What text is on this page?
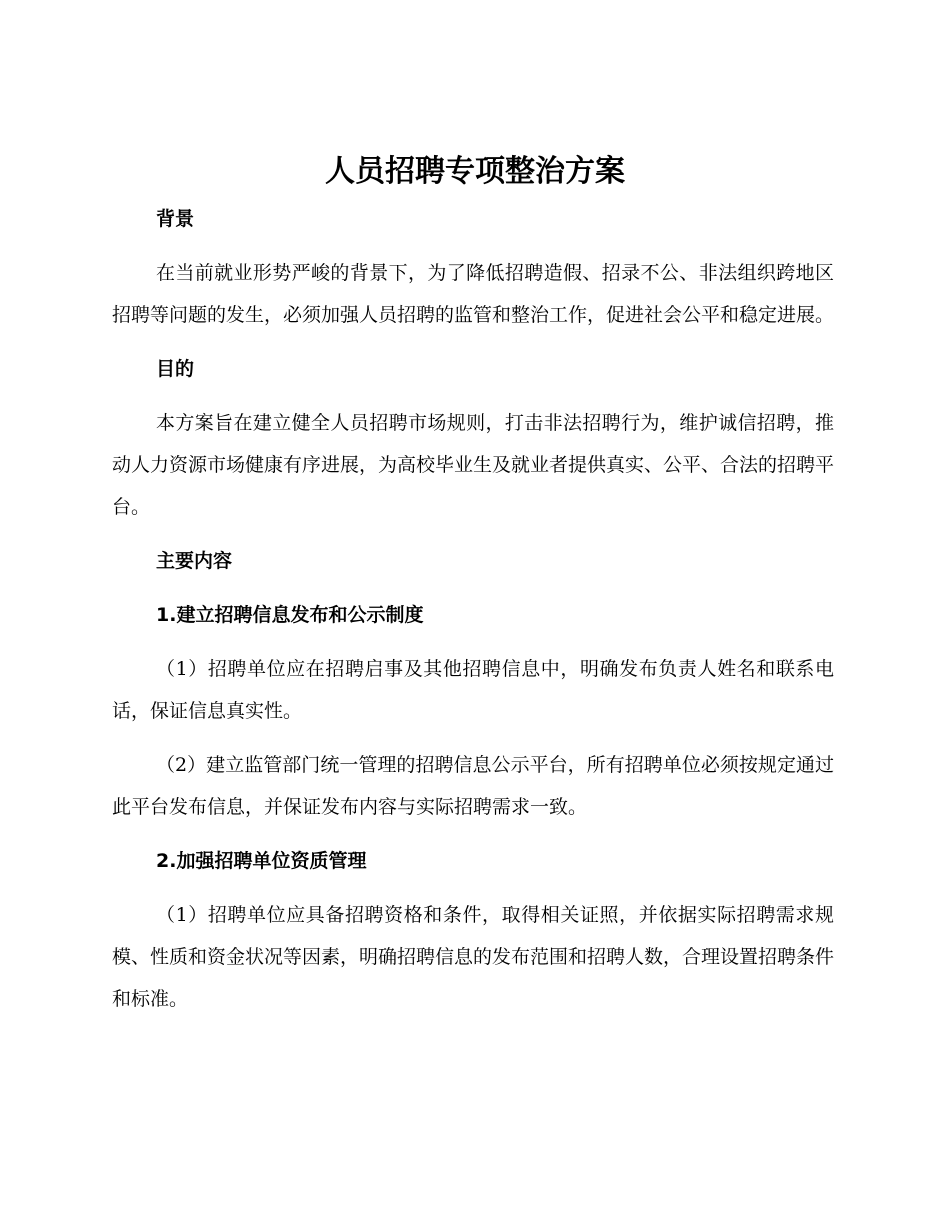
人员招聘专项整治方案

背景

在当前就业形势严峻的背景下，为了降低招聘造假、招录不公、非法组织跨地区招聘等问题的发生，必须加强人员招聘的监管和整治工作，促进社会公平和稳定进展。

目的

本方案旨在建立健全人员招聘市场规则，打击非法招聘行为，维护诚信招聘，推动人力资源市场健康有序进展，为高校毕业生及就业者提供真实、公平、合法的招聘平台。

主要内容

1.建立招聘信息发布和公示制度

（1）招聘单位应在招聘启事及其他招聘信息中，明确发布负责人姓名和联系电话，保证信息真实性。

（2）建立监管部门统一管理的招聘信息公示平台，所有招聘单位必须按规定通过此平台发布信息，并保证发布内容与实际招聘需求一致。

2.加强招聘单位资质管理

（1）招聘单位应具备招聘资格和条件，取得相关证照，并依据实际招聘需求规模、性质和资金状况等因素，明确招聘信息的发布范围和招聘人数，合理设置招聘条件和标准。
